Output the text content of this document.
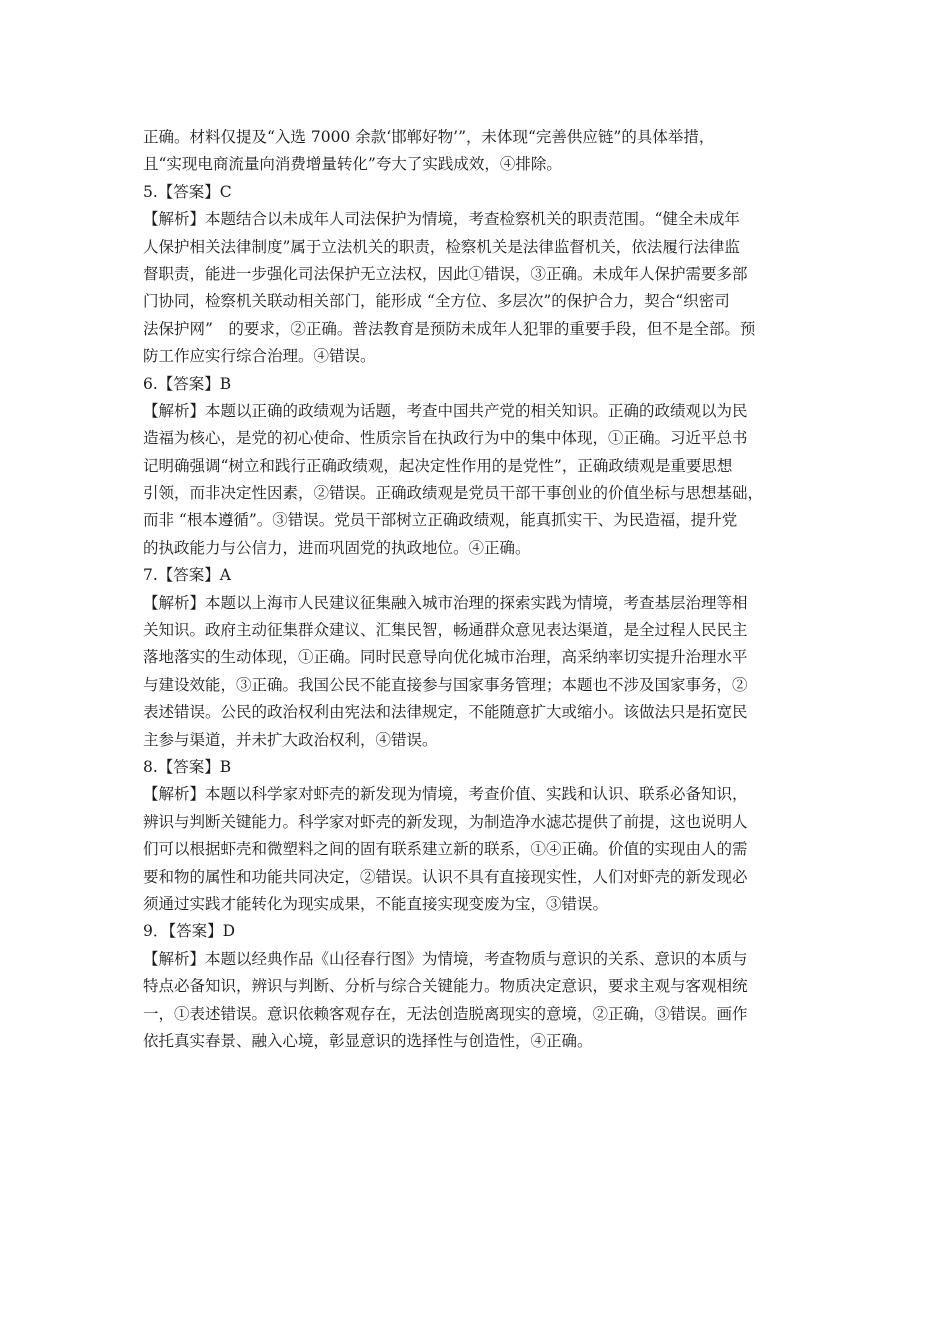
正确。材料仅提及“入选 7000 余款‘邯郸好物’”，未体现“完善供应链”的具体举措，
且“实现电商流量向消费增量转化”夸大了实践成效，④排除。
5.【答案】C
【解析】本题结合以未成年人司法保护为情境，考查检察机关的职责范围。“健全未成年
人保护相关法律制度”属于立法机关的职责，检察机关是法律监督机关，依法履行法律监
督职责，能进一步强化司法保护无立法权，因此①错误，③正确。未成年人保护需要多部
门协同，检察机关联动相关部门，能形成 “全方位、多层次”的保护合力，契合“织密司
法保护网”　的要求，②正确。普法教育是预防未成年人犯罪的重要手段，但不是全部。预
防工作应实行综合治理。④错误。
6.【答案】B
【解析】本题以正确的政绩观为话题，考查中国共产党的相关知识。正确的政绩观以为民
造福为核心，是党的初心使命、性质宗旨在执政行为中的集中体现，①正确。习近平总书
记明确强调“树立和践行正确政绩观，起决定性作用的是党性”，正确政绩观是重要思想
引领，而非决定性因素，②错误。正确政绩观是党员干部干事创业的价值坐标与思想基础，
而非 “根本遵循”。③错误。党员干部树立正确政绩观，能真抓实干、为民造福，提升党
的执政能力与公信力，进而巩固党的执政地位。④正确。
7.【答案】A
【解析】本题以上海市人民建议征集融入城市治理的探索实践为情境，考查基层治理等相
关知识。政府主动征集群众建议、汇集民智，畅通群众意见表达渠道，是全过程人民民主
落地落实的生动体现，①正确。同时民意导向优化城市治理，高采纳率切实提升治理水平
与建设效能，③正确。我国公民不能直接参与国家事务管理；本题也不涉及国家事务，②
表述错误。公民的政治权利由宪法和法律规定，不能随意扩大或缩小。该做法只是拓宽民
主参与渠道，并未扩大政治权利，④错误。
8.【答案】B
【解析】本题以科学家对虾壳的新发现为情境，考查价值、实践和认识、联系必备知识，
辨识与判断关键能力。科学家对虾壳的新发现，为制造净水滤芯提供了前提，这也说明人
们可以根据虾壳和微塑料之间的固有联系建立新的联系，①④正确。价值的实现由人的需
要和物的属性和功能共同决定，②错误。认识不具有直接现实性，人们对虾壳的新发现必
须通过实践才能转化为现实成果，不能直接实现变废为宝，③错误。
9．【答案】D
【解析】本题以经典作品《山径春行图》为情境，考查物质与意识的关系、意识的本质与
特点必备知识，辨识与判断、分析与综合关键能力。物质决定意识，要求主观与客观相统
一，①表述错误。意识依赖客观存在，无法创造脱离现实的意境，②正确，③错误。画作
依托真实春景、融入心境，彰显意识的选择性与创造性，④正确。
